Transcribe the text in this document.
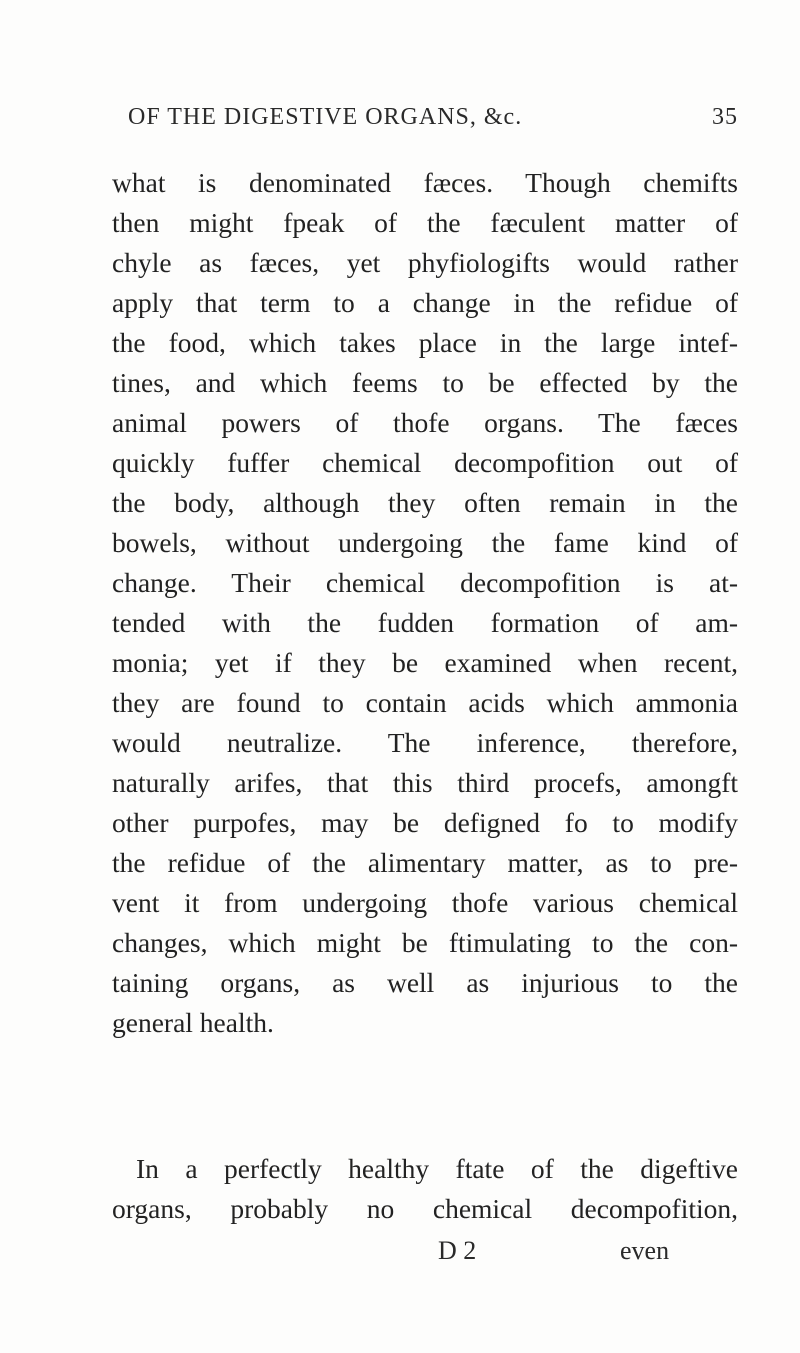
OF THE DIGESTIVE ORGANS, &c.	35
what is denominated fæces. Though chemifts
then might fpeak of the fæculent matter of
chyle as fæces, yet phyfiologifts would rather
apply that term to a change in the refidue of
the food, which takes place in the large intef-
tines, and which feems to be effected by the
animal powers of thofe organs. The fæces
quickly fuffer chemical decompofition out of
the body, although they often remain in the
bowels, without undergoing the fame kind of
change. Their chemical decompofition is at-
tended with the fudden formation of am-
monia; yet if they be examined when recent,
they are found to contain acids which ammonia
would neutralize. The inference, therefore,
naturally arifes, that this third procefs, amongft
other purpofes, may be defigned fo to modify
the refidue of the alimentary matter, as to pre-
vent it from undergoing thofe various chemical
changes, which might be ftimulating to the con-
taining organs, as well as injurious to the
general health.
In a perfectly healthy ftate of the digeftive
organs, probably no chemical decompofition,
D 2	even
